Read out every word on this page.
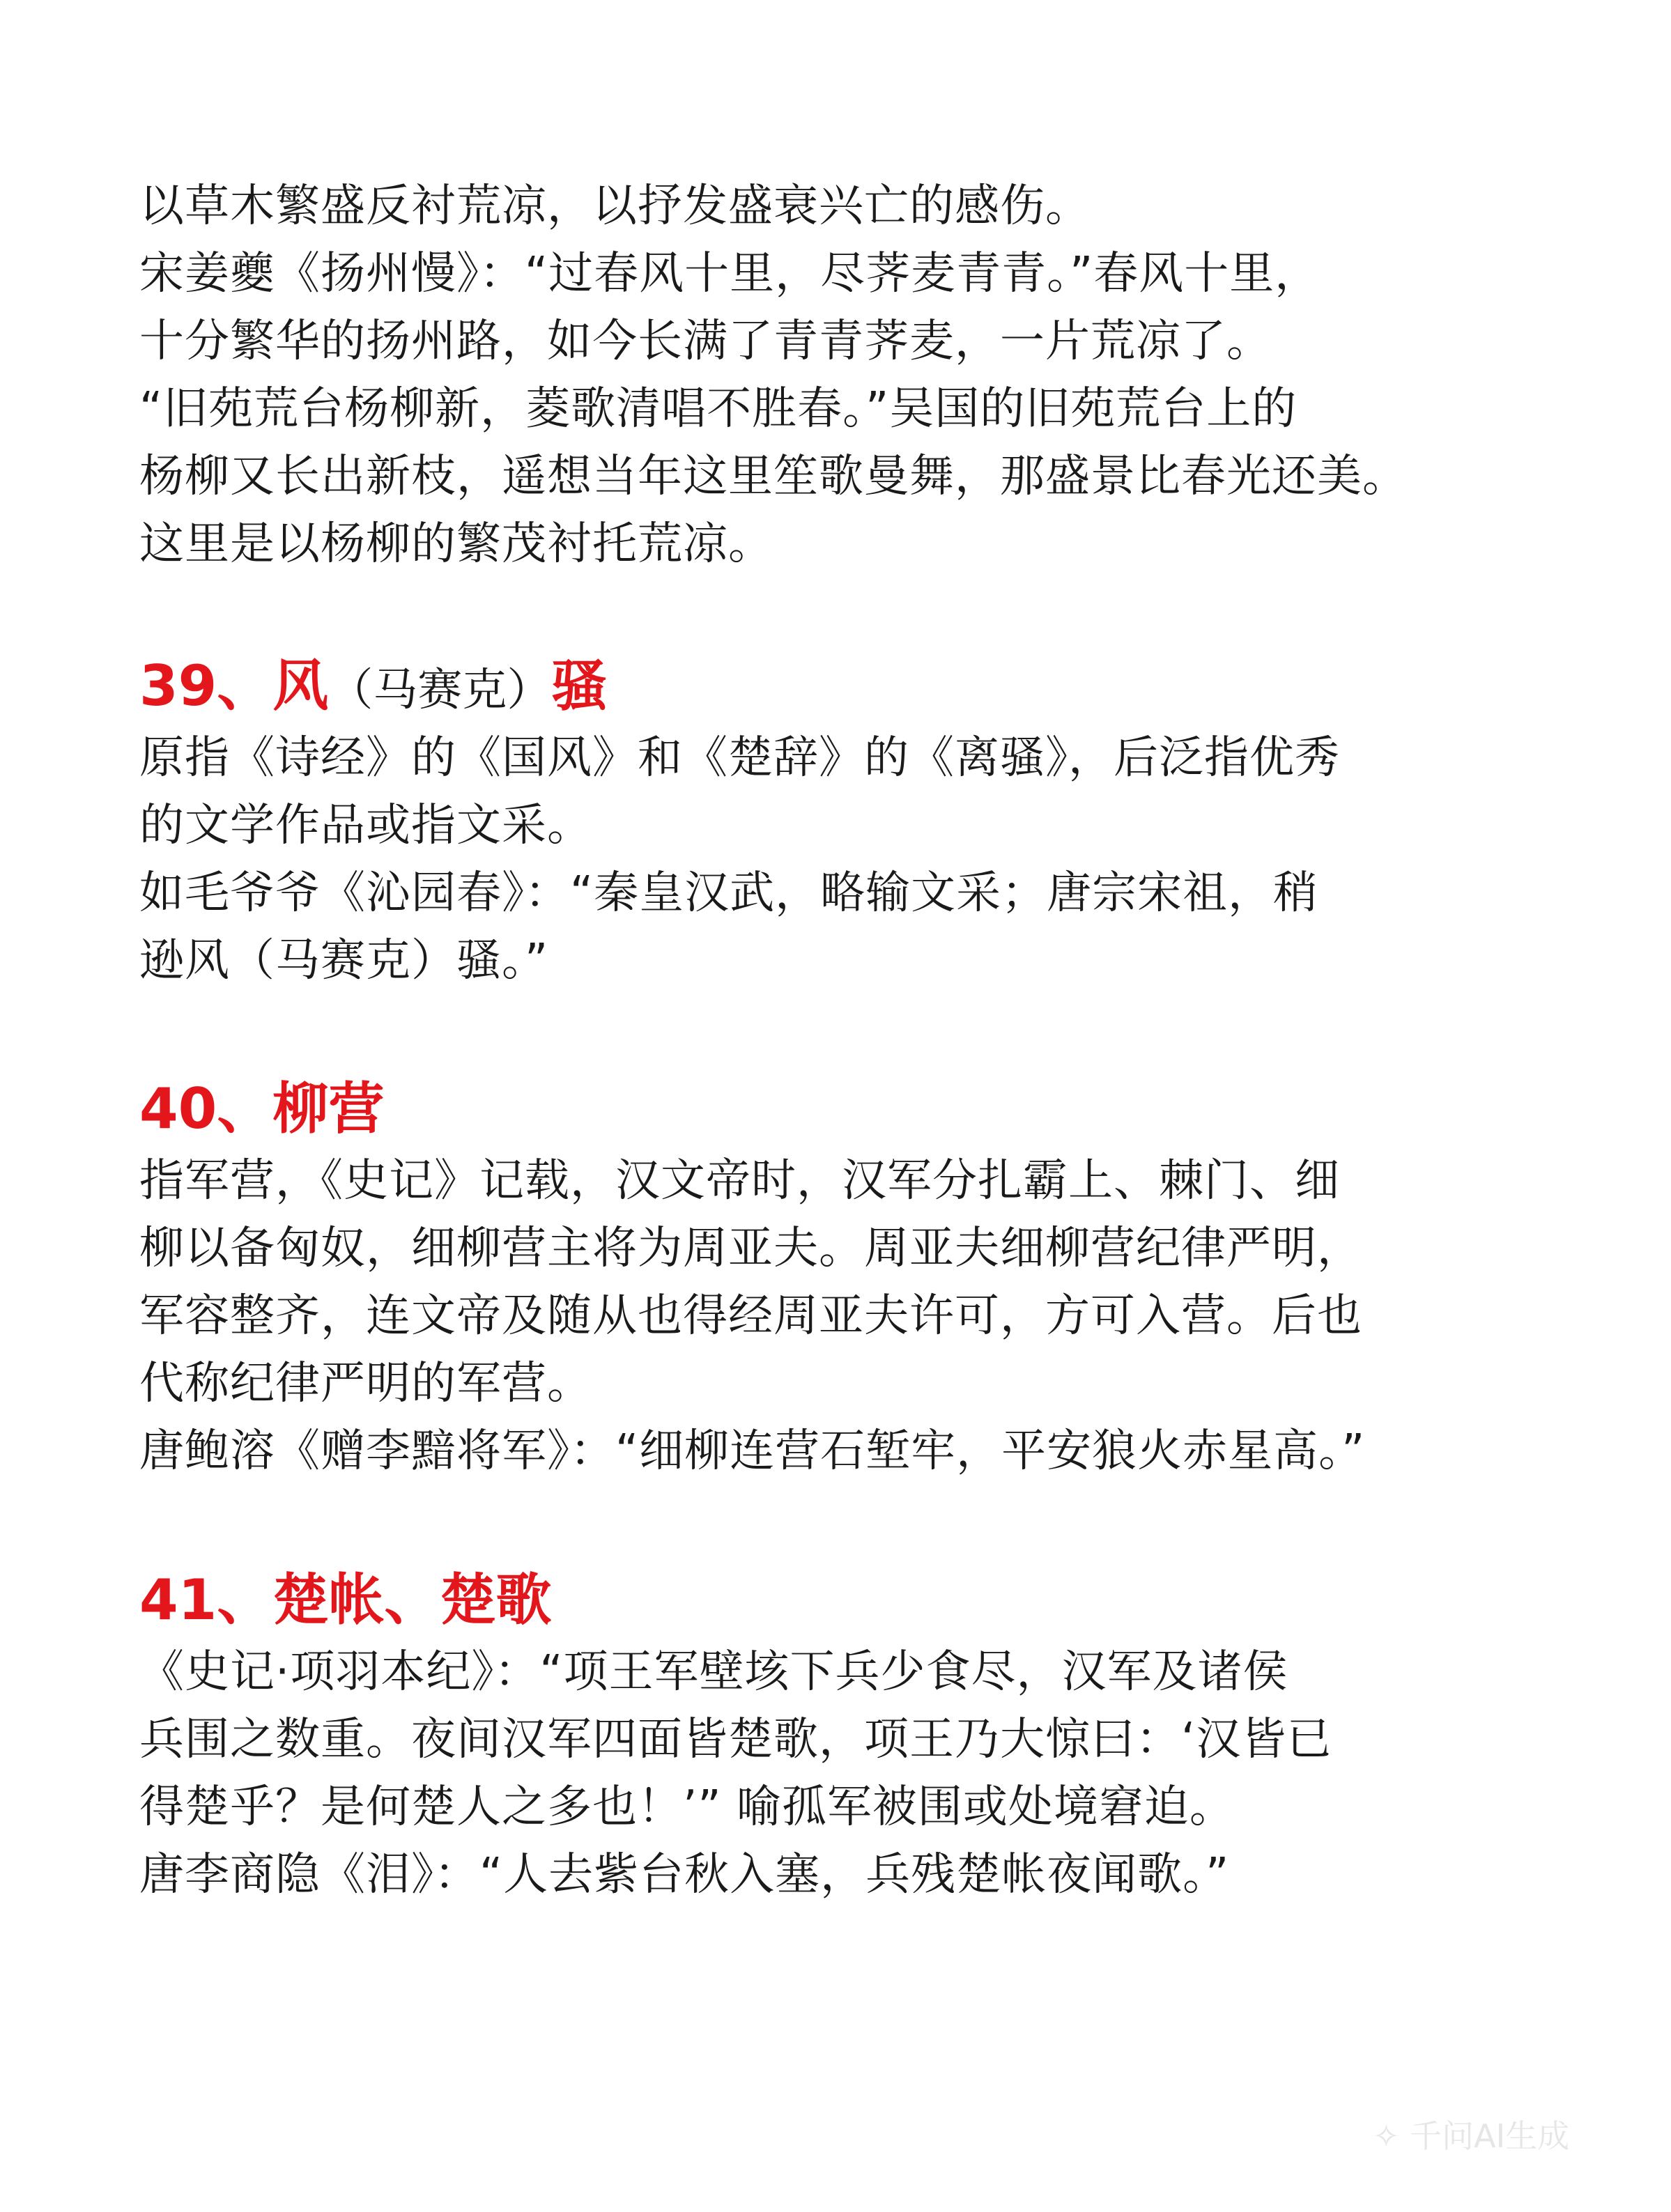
以草木繁盛反衬荒凉，以抒发盛衰兴亡的感伤。
宋姜夔《扬州慢》：“过春风十里，尽荠麦青青。”春风十里，
十分繁华的扬州路，如今长满了青青荠麦，一片荒凉了。
“旧苑荒台杨柳新，菱歌清唱不胜春。”吴国的旧苑荒台上的
杨柳又长出新枝，遥想当年这里笙歌曼舞，那盛景比春光还美。
这里是以杨柳的繁茂衬托荒凉。
39、风（马赛克）骚
原指《诗经》的《国风》和《楚辞》的《离骚》，后泛指优秀
的文学作品或指文采。
如毛爷爷《沁园春》：“秦皇汉武，略输文采；唐宗宋祖，稍
逊风（马赛克）骚。”
40、柳营
指军营，《史记》记载，汉文帝时，汉军分扎霸上、棘门、细
柳以备匈奴，细柳营主将为周亚夫。周亚夫细柳营纪律严明，
军容整齐，连文帝及随从也得经周亚夫许可，方可入营。后也
代称纪律严明的军营。
唐鲍溶《赠李黯将军》：“细柳连营石堑牢，平安狼火赤星高。”
41、楚帐、楚歌
《史记·项羽本纪》：“项王军壁垓下兵少食尽，汉军及诸侯
兵围之数重。夜间汉军四面皆楚歌，项王乃大惊曰：‘汉皆已
得楚乎？是何楚人之多也！’” 喻孤军被围或处境窘迫。
唐李商隐《泪》：“人去紫台秋入塞，兵残楚帐夜闻歌。”
✧ 千问AI生成
